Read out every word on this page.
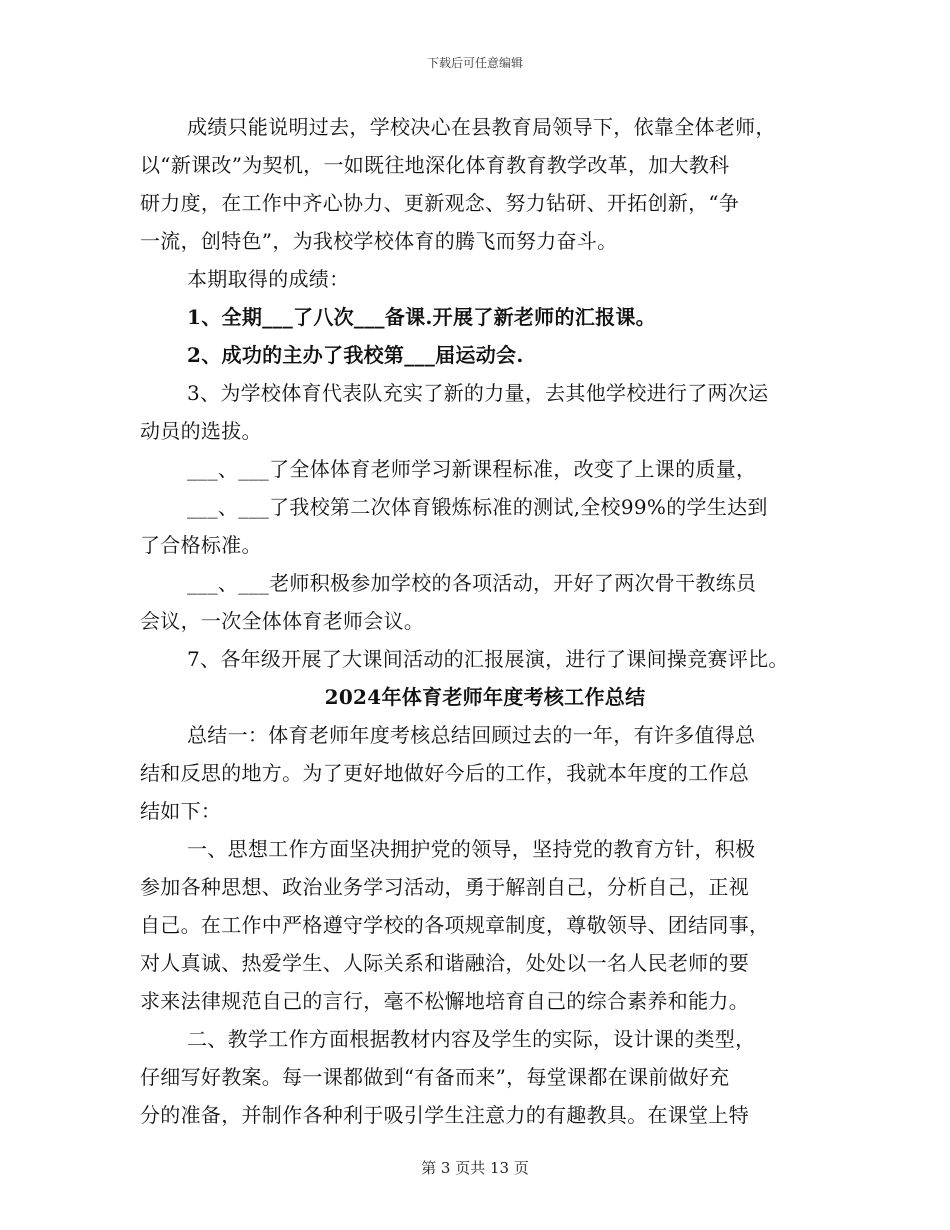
下载后可任意编辑
成绩只能说明过去，学校决心在县教育局领导下，依靠全体老师，
以“新课改”为契机，一如既往地深化体育教育教学改革，加大教科
研力度，在工作中齐心协力、更新观念、努力钻研、开拓创新，“争
一流，创特色”，为我校学校体育的腾飞而努力奋斗。
本期取得的成绩：
1、全期___了八次___备课.开展了新老师的汇报课。
2、成功的主办了我校第___届运动会.
3、为学校体育代表队充实了新的力量，去其他学校进行了两次运
动员的选拔。
___、___了全体体育老师学习新课程标准，改变了上课的质量，
___、___了我校第二次体育锻炼标准的测试,全校99%的学生达到
了合格标准。
___、___老师积极参加学校的各项活动，开好了两次骨干教练员
会议，一次全体体育老师会议。
7、各年级开展了大课间活动的汇报展演，进行了课间操竞赛评比。
2024年体育老师年度考核工作总结
总结一：体育老师年度考核总结回顾过去的一年，有许多值得总
结和反思的地方。为了更好地做好今后的工作，我就本年度的工作总
结如下：
一、思想工作方面坚决拥护党的领导，坚持党的教育方针，积极
参加各种思想、政治业务学习活动，勇于解剖自己，分析自己，正视
自己。在工作中严格遵守学校的各项规章制度，尊敬领导、团结同事，
对人真诚、热爱学生、人际关系和谐融洽，处处以一名人民老师的要
求来法律规范自己的言行，毫不松懈地培育自己的综合素养和能力。
二、教学工作方面根据教材内容及学生的实际，设计课的类型，
仔细写好教案。每一课都做到“有备而来”，每堂课都在课前做好充
分的准备，并制作各种利于吸引学生注意力的有趣教具。在课堂上特
第 3 页共 13 页
